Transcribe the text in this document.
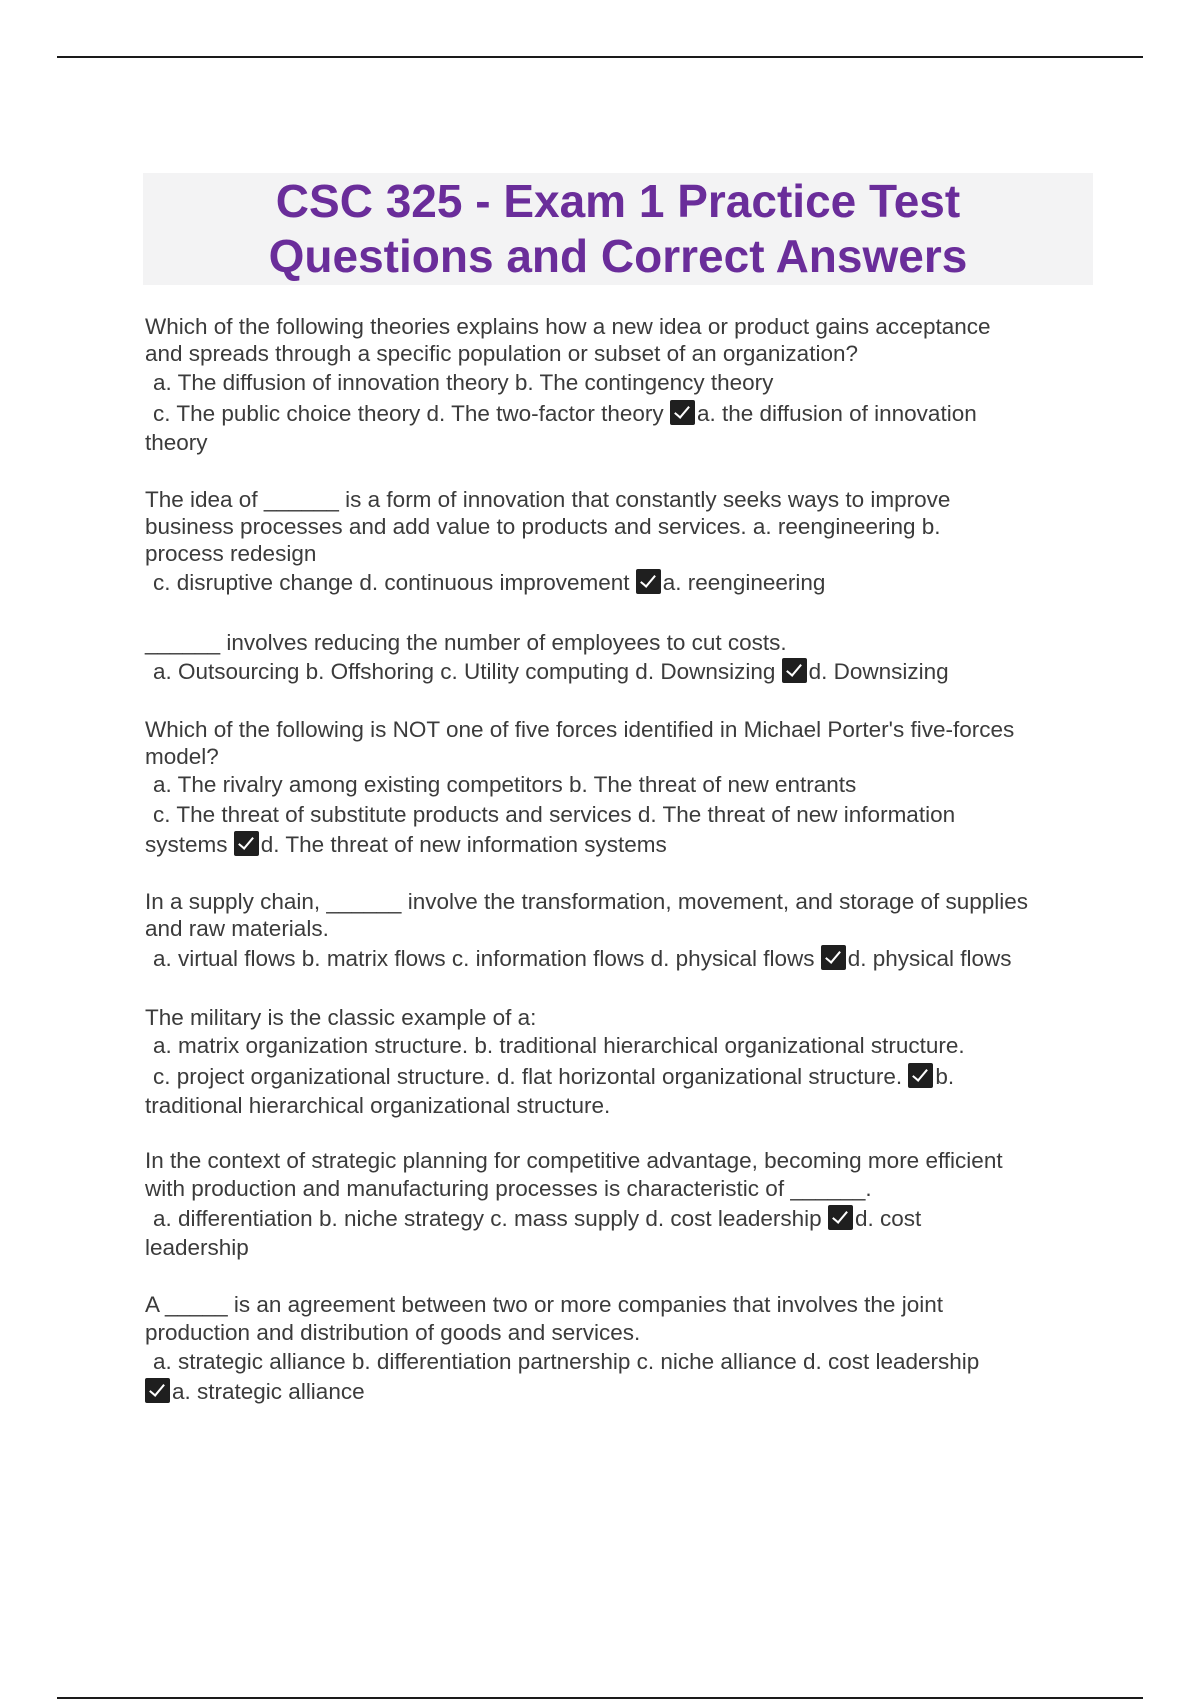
CSC 325 - Exam 1 Practice Test
Questions and Correct Answers
Which of the following theories explains how a new idea or product gains acceptance
and spreads through a specific population or subset of an organization?
a. The diffusion of innovation theory b. The contingency theory
c. The public choice theory d. The two-factor theory a. the diffusion of innovation
theory
The idea of ______ is a form of innovation that constantly seeks ways to improve
business processes and add value to products and services. a. reengineering b.
process redesign
c. disruptive change d. continuous improvement a. reengineering
______ involves reducing the number of employees to cut costs.
a. Outsourcing b. Offshoring c. Utility computing d. Downsizing d. Downsizing
Which of the following is NOT one of five forces identified in Michael Porter's five-forces
model?
a. The rivalry among existing competitors b. The threat of new entrants
c. The threat of substitute products and services d. The threat of new information
systems d. The threat of new information systems
In a supply chain, ______ involve the transformation, movement, and storage of supplies
and raw materials.
a. virtual flows b. matrix flows c. information flows d. physical flows d. physical flows
The military is the classic example of a:
a. matrix organization structure. b. traditional hierarchical organizational structure.
c. project organizational structure. d. flat horizontal organizational structure. b.
traditional hierarchical organizational structure.
In the context of strategic planning for competitive advantage, becoming more efficient
with production and manufacturing processes is characteristic of ______.
a. differentiation b. niche strategy c. mass supply d. cost leadership d. cost
leadership
A _____ is an agreement between two or more companies that involves the joint
production and distribution of goods and services.
a. strategic alliance b. differentiation partnership c. niche alliance d. cost leadership
a. strategic alliance
